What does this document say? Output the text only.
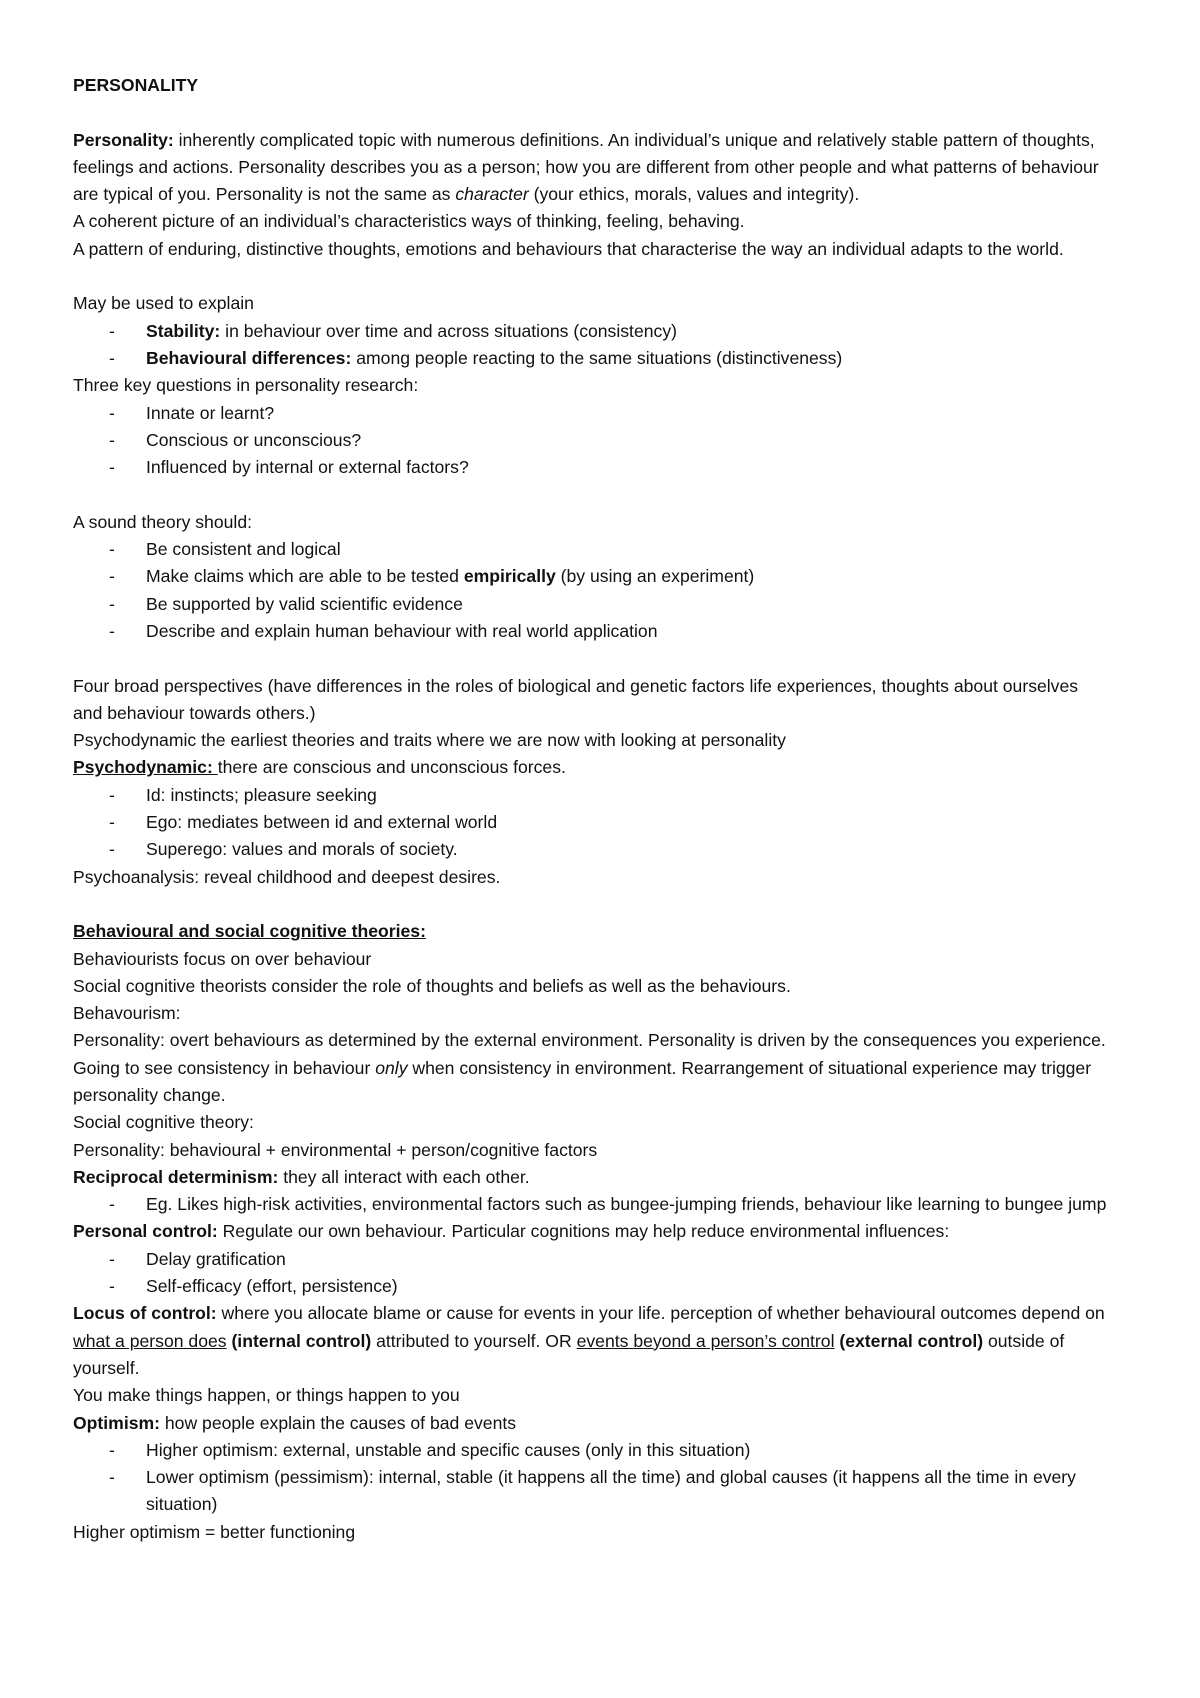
PERSONALITY

Personality: inherently complicated topic with numerous definitions. An individual’s unique and relatively stable pattern of thoughts, feelings and actions. Personality describes you as a person; how you are different from other people and what patterns of behaviour are typical of you. Personality is not the same as character (your ethics, morals, values and integrity).

A coherent picture of an individual’s characteristics ways of thinking, feeling, behaving.

A pattern of enduring, distinctive thoughts, emotions and behaviours that characterise the way an individual adapts to the world.

May be used to explain

- Stability: in behaviour over time and across situations (consistency)
- Behavioural differences: among people reacting to the same situations (distinctiveness)

Three key questions in personality research:

- Innate or learnt?
- Conscious or unconscious?
- Influenced by internal or external factors?

A sound theory should:

- Be consistent and logical
- Make claims which are able to be tested empirically (by using an experiment)
- Be supported by valid scientific evidence
- Describe and explain human behaviour with real world application

Four broad perspectives (have differences in the roles of biological and genetic factors life experiences, thoughts about ourselves and behaviour towards others.)

Psychodynamic the earliest theories and traits where we are now with looking at personality

Psychodynamic: there are conscious and unconscious forces.

- Id: instincts; pleasure seeking
- Ego: mediates between id and external world
- Superego: values and morals of society.

Psychoanalysis: reveal childhood and deepest desires.

Behavioural and social cognitive theories:

Behaviourists focus on over behaviour

Social cognitive theorists consider the role of thoughts and beliefs as well as the behaviours.

Behavourism:

Personality: overt behaviours as determined by the external environment. Personality is driven by the consequences you experience. Going to see consistency in behaviour only when consistency in environment. Rearrangement of situational experience may trigger personality change.

Social cognitive theory:

Personality: behavioural + environmental + person/cognitive factors

Reciprocal determinism: they all interact with each other.

- Eg. Likes high-risk activities, environmental factors such as bungee-jumping friends, behaviour like learning to bungee jump

Personal control: Regulate our own behaviour. Particular cognitions may help reduce environmental influences:

- Delay gratification
- Self-efficacy (effort, persistence)

Locus of control: where you allocate blame or cause for events in your life. perception of whether behavioural outcomes depend on what a person does (internal control) attributed to yourself. OR events beyond a person’s control (external control) outside of yourself.

You make things happen, or things happen to you

Optimism: how people explain the causes of bad events

- Higher optimism: external, unstable and specific causes (only in this situation)
- Lower optimism (pessimism): internal, stable (it happens all the time) and global causes (it happens all the time in every situation)

Higher optimism = better functioning
